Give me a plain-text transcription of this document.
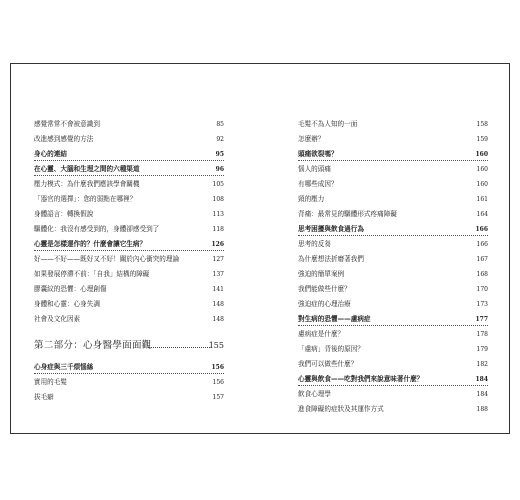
感覺常常不會被意識到	85
改進感到感覺的方法	92
身心的連結	95
在心靈、大腦和生理之間的六種渠道	96
壓力模式：為什麼我們應該學會關機	105
「器官的選擇」：您的弱點在哪裡？	108
身體語言：轉換假說	113
驅體化：我沒有感受到的，身體卻感受到了	118
心靈是怎樣運作的？什麼會讓它生病？	126
好——不好——既好又不好！關於內心衝突的理論	127
如果發展停滯不前：「自我」結構的障礙	137
膠囊紋的恐懼：心理創傷	141
身體和心靈：心身失調	148
社會及文化因素	148
第二部分：心身醫學面面觀	155
心身症與三千煩惱絲	156
實用的毛髮	156
拔毛癖	157
毛髮不為人知的一面	158
怎麼辦？	159
頭痛欲裂嗎？	160
惱人的頭痛	160
有哪些成因？	160
頸的壓力	161
背痛：最常見的驅體形式疼痛障礙	164
思考困擾與飲食過行為	166
思考的反芻	166
為什麼想法折磨著我們	167
強迫的簡單案例	168
我們能做些什麼？	170
強迫症的心理治療	173
對生病的恐懼——慮病症	177
慮病症是什麼？	178
「慮病」背後的原因？	179
我們可以做些什麼？	182
心靈與飲食——吃對我們來說意味著什麼？	184
飲食心理學	184
進食障礙的症狀及其運作方式	188
